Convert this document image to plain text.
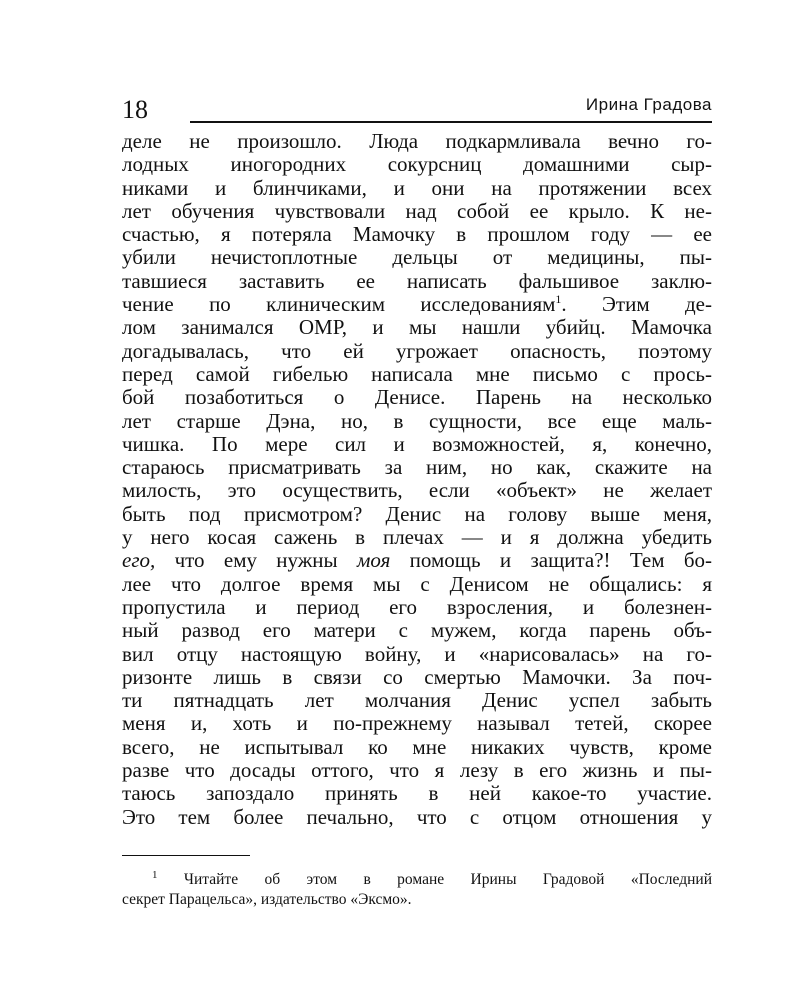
18	Ирина Градова
деле не произошло. Люда подкармливала вечно го-
лодных иногородних сокурсниц домашними сыр-
никами и блинчиками, и они на протяжении всех
лет обучения чувствовали над собой ее крыло. К не-
счастью, я потеряла Мамочку в прошлом году — ее
убили нечистоплотные дельцы от медицины, пы-
тавшиеся заставить ее написать фальшивое заклю-
чение по клиническим исследованиям$^1$. Этим де-
лом занимался ОМР, и мы нашли убийц. Мамочка
догадывалась, что ей угрожает опасность, поэтому
перед самой гибелью написала мне письмо с прось-
бой позаботиться о Денисе. Парень на несколько
лет старше Дэна, но, в сущности, все еще маль-
чишка. По мере сил и возможностей, я, конечно,
стараюсь присматривать за ним, но как, скажите на
милость, это осуществить, если «объект» не желает
быть под присмотром? Денис на голову выше меня,
у него косая сажень в плечах — и я должна убедить
его, что ему нужны моя помощь и защита?! Тем бо-
лее что долгое время мы с Денисом не общались: я
пропустила и период его взросления, и болезнен-
ный развод его матери с мужем, когда парень объ-
вил отцу настоящую войну, и «нарисовалась» на го-
ризонте лишь в связи со смертью Мамочки. За поч-
ти пятнадцать лет молчания Денис успел забыть
меня и, хоть и по-прежнему называл тетей, скорее
всего, не испытывал ко мне никаких чувств, кроме
разве что досады оттого, что я лезу в его жизнь и пы-
таюсь запоздало принять в ней какое-то участие.
Это тем более печально, что с отцом отношения у
$^1$ Читайте об этом в романе Ирины Градовой «Последний
секрет Парацельса», издательство «Эксмо».
